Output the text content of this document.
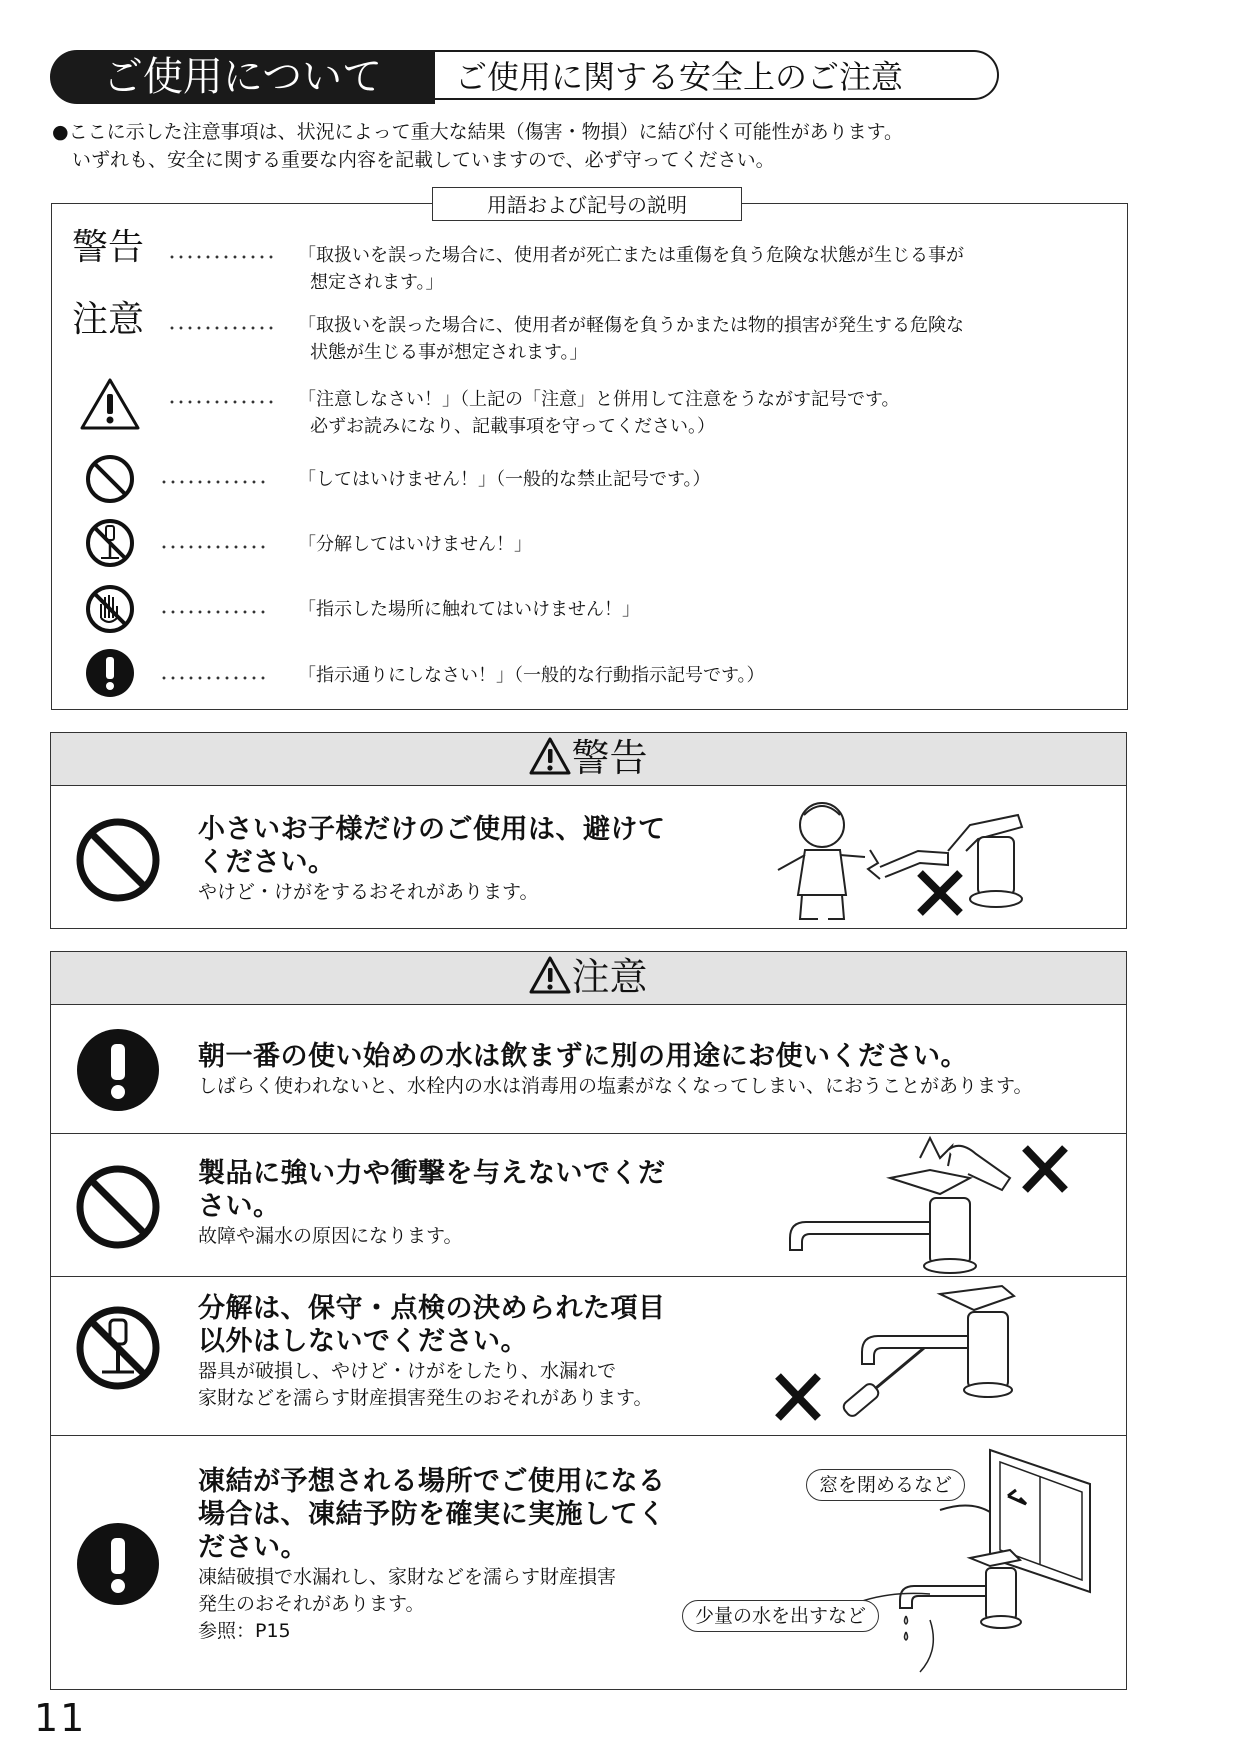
ご使用について	ご使用に関する安全上のご注意
●ここに示した注意事項は、状況によって重大な結果（傷害・物損）に結び付く可能性があります。
いずれも、安全に関する重要な内容を記載していますので、必ず守ってください。
用語および記号の説明
警告 ････････････ 「取扱いを誤った場合に、使用者が死亡または重傷を負う危険な状態が生じる事が
想定されます。」
注意 ････････････ 「取扱いを誤った場合に、使用者が軽傷を負うかまたは物的損害が発生する危険な
状態が生じる事が想定されます。」
････････････ 「注意しなさい！」（上記の「注意」と併用して注意をうながす記号です。
必ずお読みになり、記載事項を守ってください。）
････････････ 「してはいけません！」（一般的な禁止記号です。）
････････････ 「分解してはいけません！」
････････････ 「指示した場所に触れてはいけません！」
････････････ 「指示通りにしなさい！」（一般的な行動指示記号です。）
警告
小さいお子様だけのご使用は、避けて
ください。
やけど・けがをするおそれがあります。
注意
朝一番の使い始めの水は飲まずに別の用途にお使いください。
しばらく使われないと、水栓内の水は消毒用の塩素がなくなってしまい、におうことがあります。
製品に強い力や衝撃を与えないでくだ
さい。
故障や漏水の原因になります。
分解は、保守・点検の決められた項目
以外はしないでください。
器具が破損し、やけど・けがをしたり、水漏れで
家財などを濡らす財産損害発生のおそれがあります。
凍結が予想される場所でご使用になる
場合は、凍結予防を確実に実施してく
ださい。
凍結破損で水漏れし、家財などを濡らす財産損害
発生のおそれがあります。
参照：P15
窓を閉めるなど
少量の水を出すなど
11
